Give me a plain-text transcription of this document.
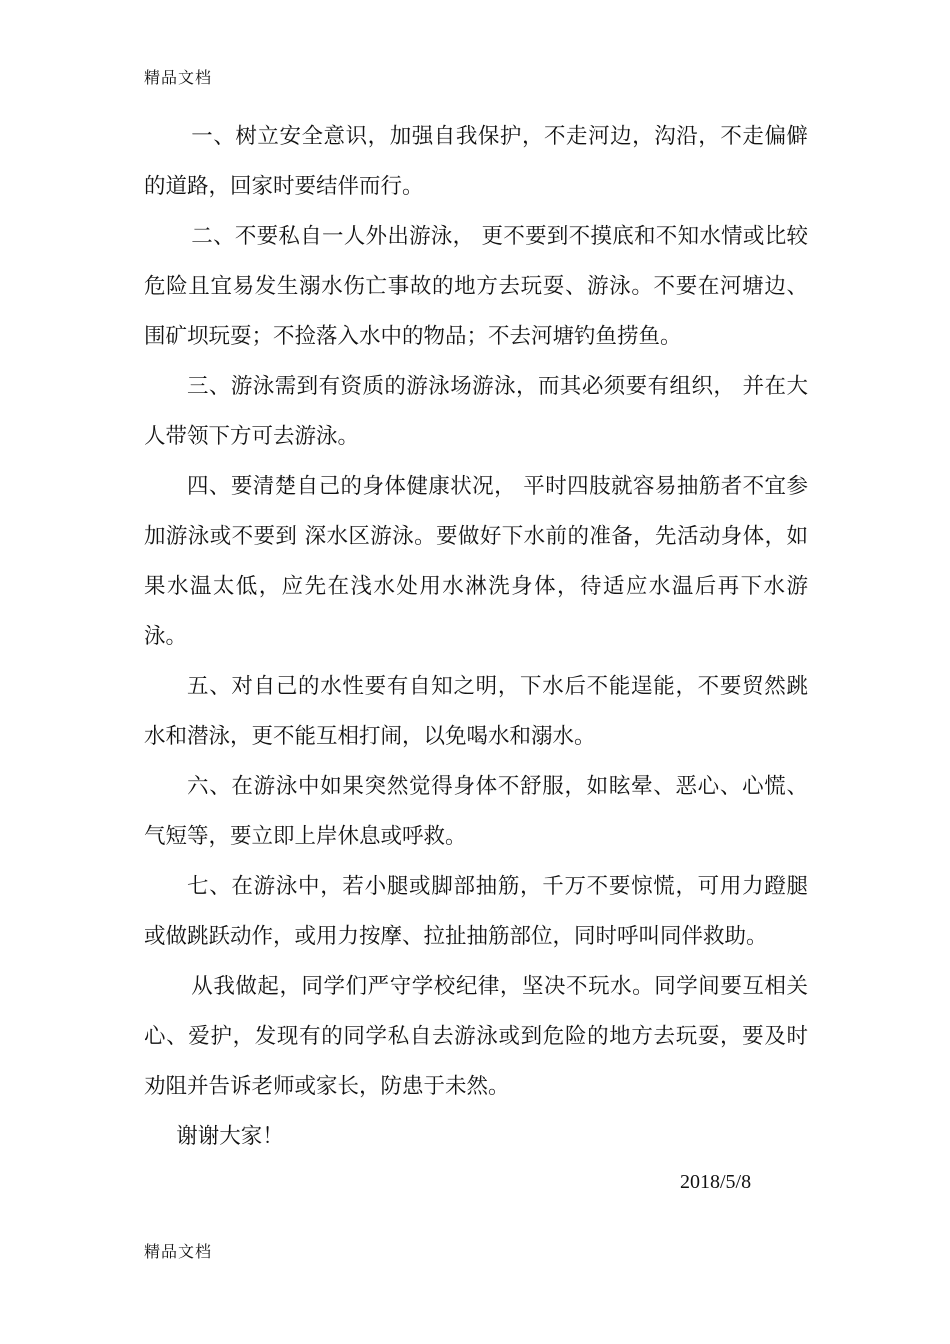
精品文档

一、树立安全意识，加强自我保护，不走河边，沟沿，不走偏僻的道路，回家时要结伴而行。

二、不要私自一人外出游泳， 更不要到不摸底和不知水情或比较危险且宜易发生溺水伤亡事故的地方去玩耍、游泳。不要在河塘边、围矿坝玩耍；不捡落入水中的物品；不去河塘钓鱼捞鱼。

三、游泳需到有资质的游泳场游泳，而其必须要有组织， 并在大人带领下方可去游泳。

四、要清楚自己的身体健康状况， 平时四肢就容易抽筋者不宜参加游泳或不要到 深水区游泳。要做好下水前的准备，先活动身体，如果水温太低，应先在浅水处用水淋洗身体，待适应水温后再下水游泳。

五、对自己的水性要有自知之明，下水后不能逞能，不要贸然跳水和潜泳，更不能互相打闹，以免喝水和溺水。

六、在游泳中如果突然觉得身体不舒服，如眩晕、恶心、心慌、气短等，要立即上岸休息或呼救。

七、在游泳中，若小腿或脚部抽筋，千万不要惊慌，可用力蹬腿或做跳跃动作，或用力按摩、拉扯抽筋部位，同时呼叫同伴救助。

从我做起，同学们严守学校纪律，坚决不玩水。同学间要互相关心、爱护，发现有的同学私自去游泳或到危险的地方去玩耍，要及时劝阻并告诉老师或家长，防患于未然。

谢谢大家！

2018/5/8
精品文档
